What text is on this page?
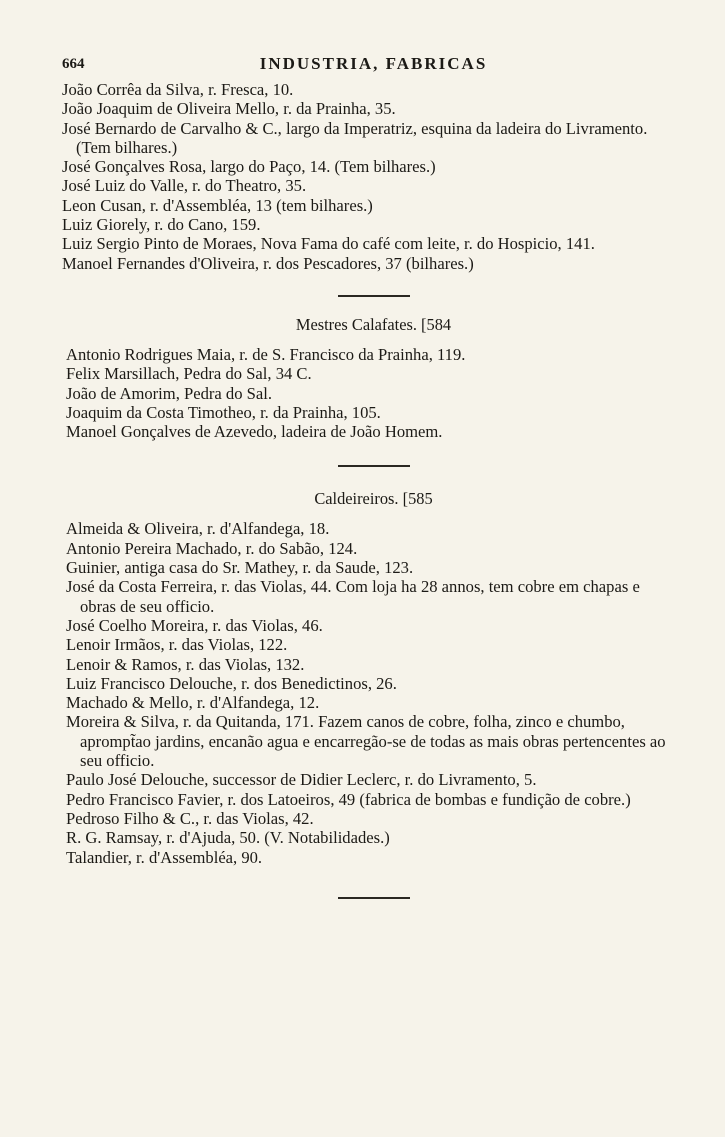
664	INDUSTRIA, FABRICAS
João Corrêa da Silva, r. Fresca, 10.
João Joaquim de Oliveira Mello, r. da Prainha, 35.
José Bernardo de Carvalho & C., largo da Imperatriz, esquina da ladeira do Livramento. (Tem bilhares.)
José Gonçalves Rosa, largo do Paço, 14. (Tem bilhares.)
José Luiz do Valle, r. do Theatro, 35.
Leon Cusan, r. d'Assembléa, 13 (tem bilhares.)
Luiz Giorely, r. do Cano, 159.
Luiz Sergio Pinto de Moraes, Nova Fama do café com leite, r. do Hospicio, 141.
Manoel Fernandes d'Oliveira, r. dos Pescadores, 37 (bilhares.)
Mestres Calafates. [584
Antonio Rodrigues Maia, r. de S. Francisco da Prainha, 119.
Felix Marsillach, Pedra do Sal, 34 C.
João de Amorim, Pedra do Sal.
Joaquim da Costa Timotheo, r. da Prainha, 105.
Manoel Gonçalves de Azevedo, ladeira de João Homem.
Caldeireiros. [585
Almeida & Oliveira, r. d'Alfandega, 18.
Antonio Pereira Machado, r. do Sabão, 124.
Guinier, antiga casa do Sr. Mathey, r. da Saude, 123.
José da Costa Ferreira, r. das Violas, 44. Com loja ha 28 annos, tem cobre em chapas e obras de seu officio.
José Coelho Moreira, r. das Violas, 46.
Lenoir Irmãos, r. das Violas, 122.
Lenoir & Ramos, r. das Violas, 132.
Luiz Francisco Delouche, r. dos Benedictinos, 26.
Machado & Mello, r. d'Alfandega, 12.
Moreira & Silva, r. da Quitanda, 171. Fazem canos de cobre, folha, zinco e chumbo, aprompt̃ao jardins, encanão agua e encarregão-se de todas as mais obras pertencentes ao seu officio.
Paulo José Delouche, successor de Didier Leclerc, r. do Livramento, 5.
Pedro Francisco Favier, r. dos Latoeiros, 49 (fabrica de bombas e fundição de cobre.)
Pedroso Filho & C., r. das Violas, 42.
R. G. Ramsay, r. d'Ajuda, 50. (V. Notabilidades.)
Talandier, r. d'Assembléa, 90.
